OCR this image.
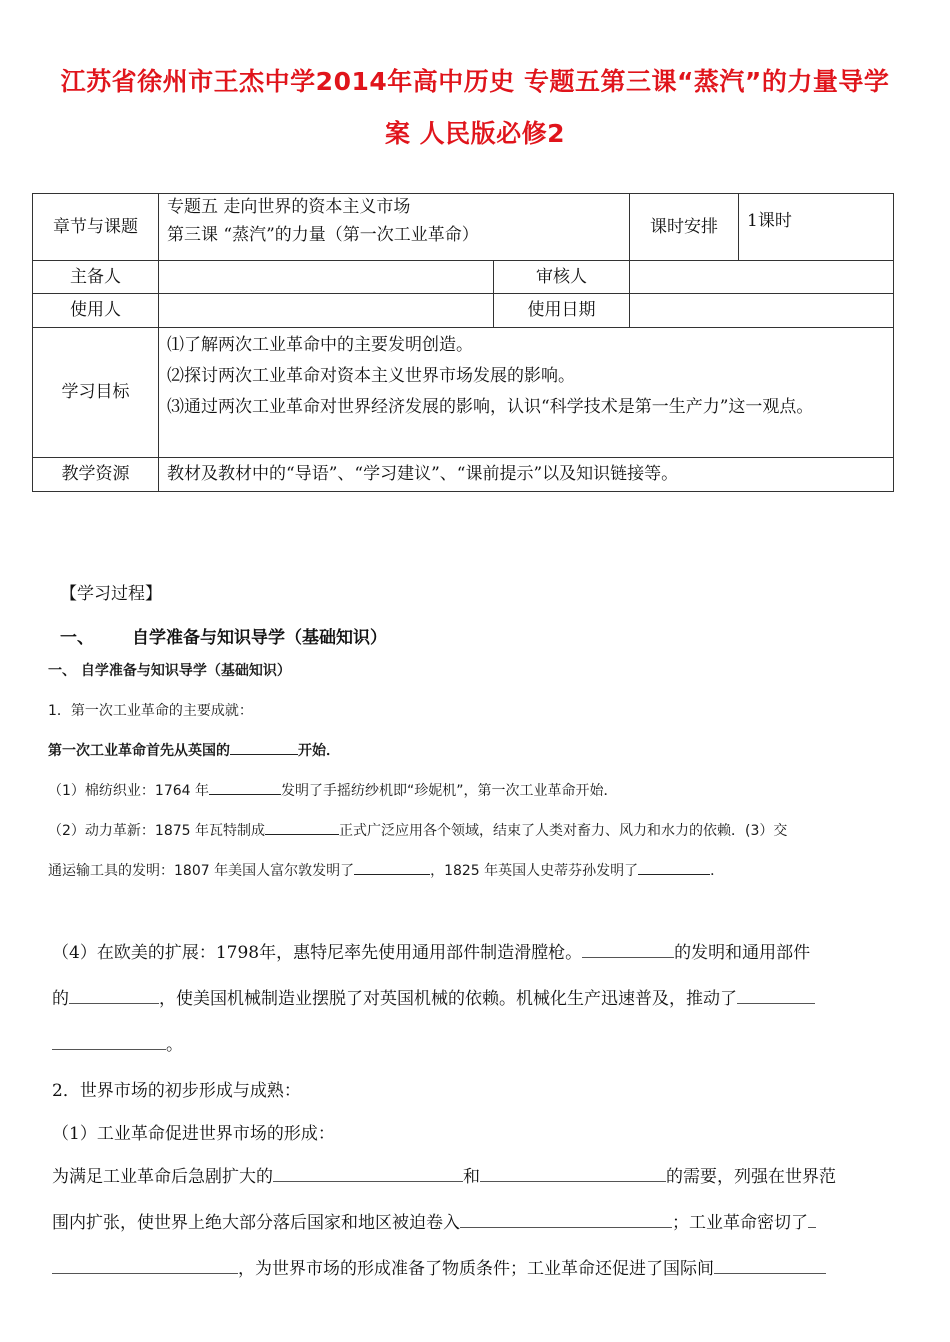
江苏省徐州市王杰中学2014年高中历史 专题五第三课“蒸汽”的力量导学
案 人民版必修2
章节与课题	专题五 走向世界的资本主义市场
第三课 “蒸汽”的力量（第一次工业革命）		课时安排	1课时
主备人		审核人		
使用人		使用日期		
学习目标	⑴了解两次工业革命中的主要发明创造。
⑵探讨两次工业革命对资本主义世界市场发展的影响。
⑶通过两次工业革命对世界经济发展的影响，认识“科学技术是第一生产力”这一观点。			

教学资源	教材及教材中的“导语”、“学习建议”、“课前提示”以及知识链接等。			
【学习过程】
一、 自学准备与知识导学（基础知识）
一、 自学准备与知识导学（基础知识）
1．第一次工业革命的主要成就：
第一次工业革命首先从英国的	开始．
（1）棉纺织业：1764 年	发明了手摇纺纱机即“珍妮机”，第一次工业革命开始．
（2）动力革新：1875 年瓦特制成	正式广泛应用各个领域，结束了人类对畜力、风力和水力的依赖．(3）交
通运输工具的发明：1807 年美国人富尔敦发明了	，1825 年英国人史蒂芬孙发明了	．
（4）在欧美的扩展：1798年，惠特尼率先使用通用部件制造滑膛枪。	的发明和通用部件
的	，使美国机械制造业摆脱了对英国机械的依赖。机械化生产迅速普及，推动了
。
2．世界市场的初步形成与成熟：
（1）工业革命促进世界市场的形成：
为满足工业革命后急剧扩大的	和	的需要，列强在世界范
围内扩张，使世界上绝大部分落后国家和地区被迫卷入	；工业革命密切了
，为世界市场的形成准备了物质条件；工业革命还促进了国际间
